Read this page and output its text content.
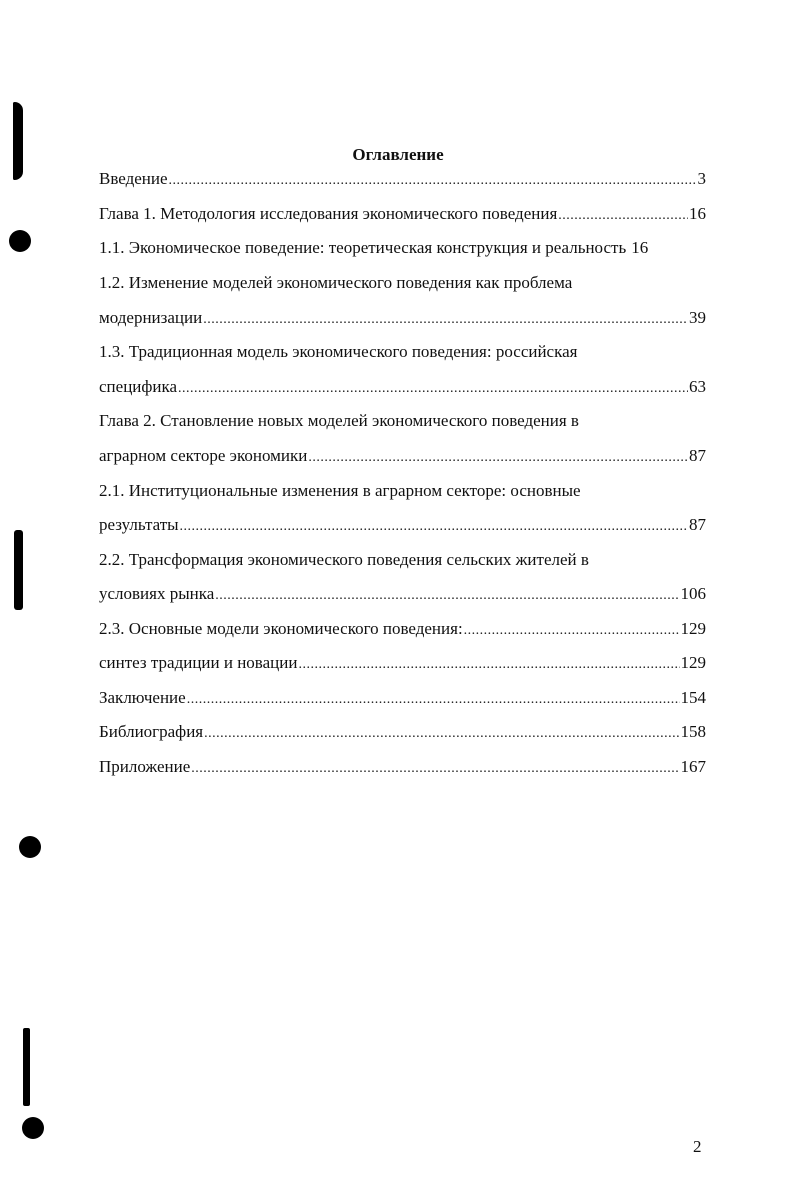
Оглавление
Введение .....	3
Глава 1. Методология исследования экономического поведения .....	16
1.1. Экономическое поведение: теоретическая конструкция и реальность 16
1.2. Изменение моделей экономического поведения как проблема
модернизации .....	39
1.3. Традиционная модель экономического поведения: российская
специфика .....	63
Глава 2. Становление новых моделей экономического поведения в
аграрном секторе экономики .....	87
2.1. Институциональные изменения в аграрном секторе: основные
результаты .....	87
2.2. Трансформация экономического поведения сельских жителей в
условиях рынка .....	106
2.3. Основные модели экономического поведения: .....	129
синтез традиции и новации .....	129
Заключение .....	154
Библиография .....	158
Приложение .....	167
2
